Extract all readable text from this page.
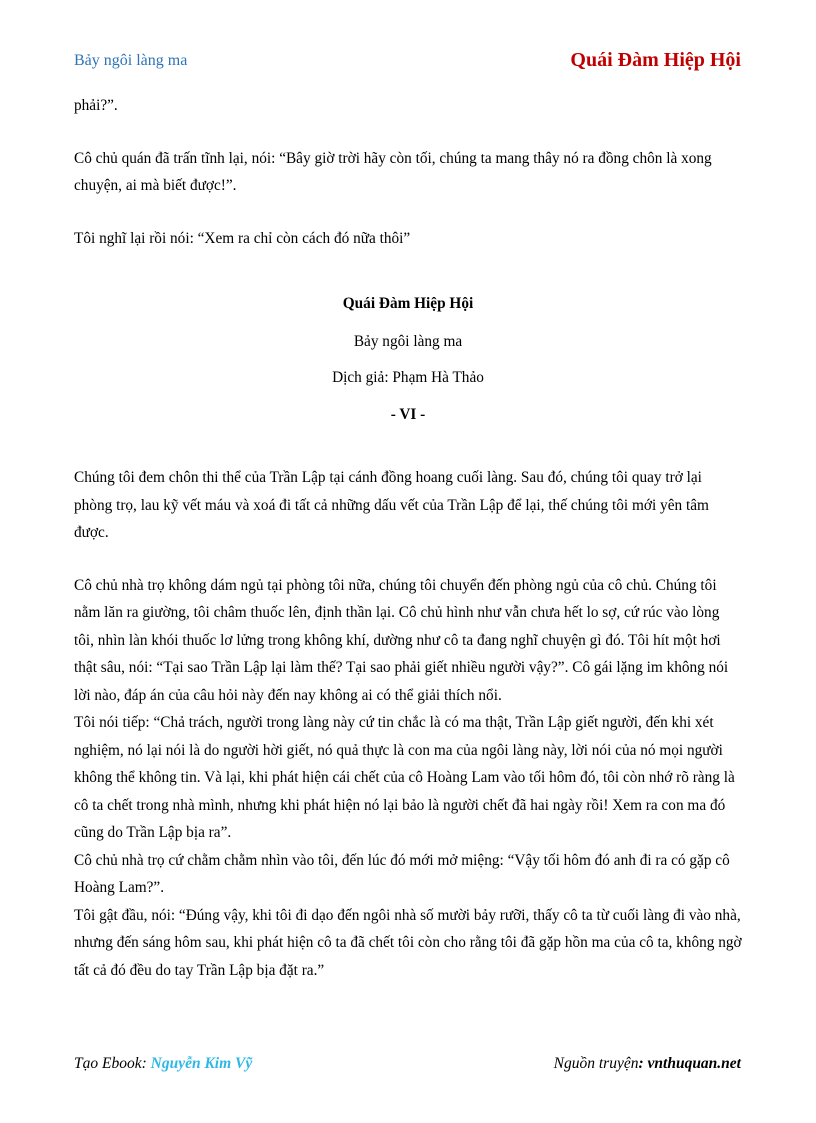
Bảy ngôi làng ma	Quái Đàm Hiệp Hội

phải?”.

Cô chủ quán đã trấn tĩnh lại, nói: “Bây giờ trời hãy còn tối, chúng ta mang thây nó ra đồng chôn là xong chuyện, ai mà biết được!”.

Tôi nghĩ lại rồi nói: “Xem ra chỉ còn cách đó nữa thôi”

Quái Đàm Hiệp Hội

Bảy ngôi làng ma

Dịch giả: Phạm Hà Thảo

- VI -

Chúng tôi đem chôn thi thể của Trần Lập tại cánh đồng hoang cuối làng. Sau đó, chúng tôi quay trở lại phòng trọ, lau kỹ vết máu và xoá đi tất cả những dấu vết của Trần Lập để lại, thế chúng tôi mới yên tâm được.

Cô chủ nhà trọ không dám ngủ tại phòng tôi nữa, chúng tôi chuyển đến phòng ngủ của cô chủ. Chúng tôi nằm lăn ra giường, tôi châm thuốc lên, định thần lại. Cô chủ hình như vẫn chưa hết lo sợ, cứ rúc vào lòng tôi, nhìn làn khói thuốc lơ lửng trong không khí, dường như cô ta đang nghĩ chuyện gì đó. Tôi hít một hơi thật sâu, nói: “Tại sao Trần Lập lại làm thế? Tại sao phải giết nhiều người vậy?”. Cô gái lặng im không nói lời nào, đáp án của câu hỏi này đến nay không ai có thể giải thích nổi.

Tôi nói tiếp: “Chả trách, người trong làng này cứ tin chắc là có ma thật, Trần Lập giết người, đến khi xét nghiệm, nó lại nói là do người hời giết, nó quả thực là con ma của ngôi làng này, lời nói của nó mọi người không thể không tin. Và lại, khi phát hiện cái chết của cô Hoàng Lam vào tối hôm đó, tôi còn nhớ rõ ràng là cô ta chết trong nhà mình, nhưng khi phát hiện nó lại bảo là người chết đã hai ngày rồi! Xem ra con ma đó cũng do Trần Lập bịa ra”.

Cô chủ nhà trọ cứ chằm chằm nhìn vào tôi, đến lúc đó mới mở miệng: “Vậy tối hôm đó anh đi ra có gặp cô Hoàng Lam?”.

Tôi gật đầu, nói: “Đúng vậy, khi tôi đi dạo đến ngôi nhà số mười bảy rưỡi, thấy cô ta từ cuối làng đi vào nhà, nhưng đến sáng hôm sau, khi phát hiện cô ta đã chết tôi còn cho rằng tôi đã gặp hồn ma của cô ta, không ngờ tất cả đó đều do tay Trần Lập bịa đặt ra.”

Tạo Ebook: Nguyễn Kim Vỹ	Nguồn truyện: vnthuquan.net
